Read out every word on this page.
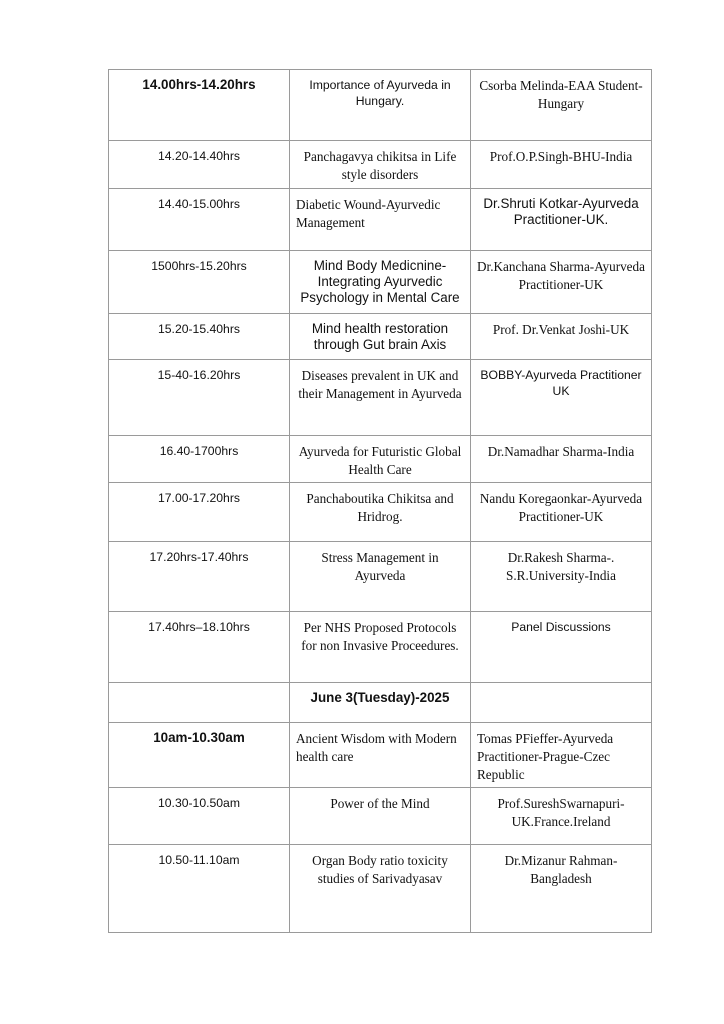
14.00hrs-14.20hrs	Importance of Ayurveda in Hungary.	Csorba Melinda-EAA Student-Hungary
14.20-14.40hrs	Panchagavya chikitsa in Life style disorders	Prof.O.P.Singh-BHU-India
14.40-15.00hrs	Diabetic Wound-Ayurvedic Management	Dr.Shruti Kotkar-Ayurveda Practitioner-UK.
1500hrs-15.20hrs	Mind Body Medicnine-Integrating Ayurvedic Psychology in Mental Care	Dr.Kanchana Sharma-Ayurveda Practitioner-UK
15.20-15.40hrs	Mind health restoration through Gut brain Axis	Prof. Dr.Venkat Joshi-UK
15-40-16.20hrs	Diseases prevalent in UK and their Management in Ayurveda	BOBBY-Ayurveda Practitioner UK
16.40-1700hrs	Ayurveda for Futuristic Global Health Care	Dr.Namadhar Sharma-India
17.00-17.20hrs	Panchaboutika Chikitsa and Hridrog.	Nandu Koregaonkar-Ayurveda Practitioner-UK
17.20hrs-17.40hrs	Stress Management in Ayurveda	Dr.Rakesh Sharma-. S.R.University-India
17.40hrs–18.10hrs	Per NHS Proposed Protocols for non Invasive Proceedures.	Panel Discussions
	June 3(Tuesday)-2025	
10am-10.30am	Ancient Wisdom with Modern health care	Tomas PFieffer-Ayurveda Practitioner-Prague-Czec Republic
10.30-10.50am	Power of the Mind	Prof.SureshSwarnapuri-UK.France.Ireland
10.50-11.10am	Organ Body ratio toxicity studies of Sarivadyasav	Dr.Mizanur Rahman-Bangladesh
